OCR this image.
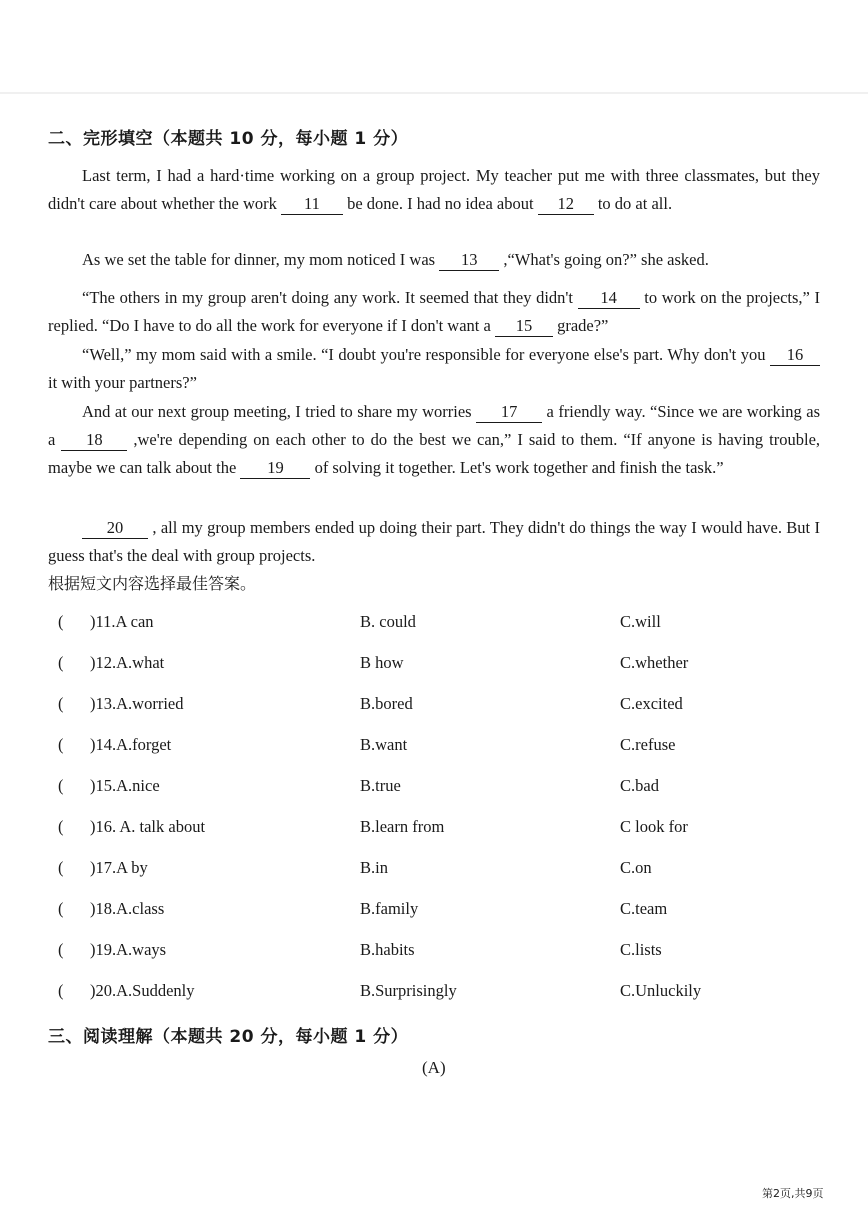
二、完形填空（本题共 10 分，每小题 1 分）
Last term, I had a hard·time working on a group project. My teacher put me with three classmates, but they didn't care about whether the work 11 be done. I had no idea about 12 to do at all.
As we set the table for dinner, my mom noticed I was 13 ,“What's going on?” she asked.
“The others in my group aren't doing any work. It seemed that they didn't 14 to work on the projects,” I replied. “Do I have to do all the work for everyone if I don't want a 15 grade?”
“Well,” my mom said with a smile. “I doubt you're responsible for everyone else's part. Why don't you 16 it with your partners?”
And at our next group meeting, I tried to share my worries 17 a friendly way. “Since we are working as a 18 ,we're depending on each other to do the best we can,” I said to them. “If anyone is having trouble, maybe we can talk about the 19 of solving it together. Let's work together and finish the task.”
20 , all my group members ended up doing their part. They didn't do things the way I would have. But I guess that's the deal with group projects.
根据短文内容选择最佳答案。
( )11.A can	B. could	C.will
( )12.A.what	B how	C.whether
( )13.A.worried	B.bored	C.excited
( )14.A.forget	B.want	C.refuse
( )15.A.nice	B.true	C.bad
( )16. A. talk about	B.learn from	C look for
( )17.A by	B.in	C.on
( )18.A.class	B.family	C.team
( )19.A.ways	B.habits	C.lists
( )20.A.Suddenly	B.Surprisingly	C.Unluckily
三、阅读理解（本题共 20 分，每小题 1 分）
(A)
第2页,共9页
